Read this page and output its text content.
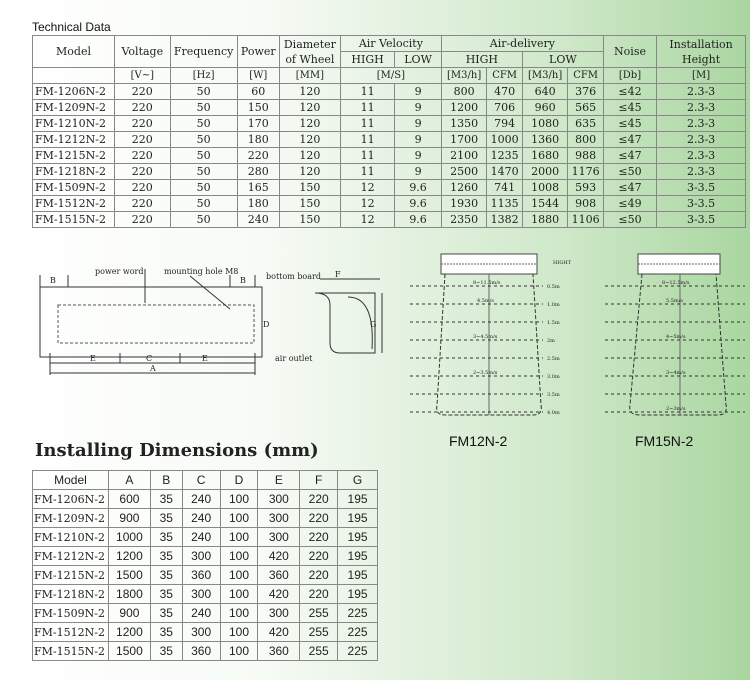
Technical Data
Model	Voltage	Frequency	Power	Diameter of Wheel	Air Velocity		Air-delivery				Noise	Installation Height
					HIGH	LOW	HIGH		LOW			
	[V~]	[Hz]	[W]	[MM]	[M/S]		[M3/h]	CFM	[M3/h]	CFM	[Db]	[M]
FM-1206N-2	220	50	60	120	11	9	800	470	640	376	≤42	2.3-3
FM-1209N-2	220	50	150	120	11	9	1200	706	960	565	≤45	2.3-3
FM-1210N-2	220	50	170	120	11	9	1350	794	1080	635	≤45	2.3-3
FM-1212N-2	220	50	180	120	11	9	1700	1000	1360	800	≤47	2.3-3
FM-1215N-2	220	50	220	120	11	9	2100	1235	1680	988	≤47	2.3-3
FM-1218N-2	220	50	280	120	11	9	2500	1470	2000	1176	≤50	2.3-3
FM-1509N-2	220	50	165	150	12	9.6	1260	741	1008	593	≤47	3-3.5
FM-1512N-2	220	50	180	150	12	9.6	1930	1135	1544	908	≤49	3-3.5
FM-1515N-2	220	50	240	150	12	9.6	2350	1382	1880	1106	≤50	3-3.5
B	B
power word	mounting hole M8
E	C	E
A
D
bottom board F
G
air outlet
HIGHT
8~11.5m/s
4.5m/s
3~4.5m/s
2~3.5m/s
0.5m
1.0m
1.5m
2m
2.5m
3.0m
3.5m
4.0m
FM12N-2
8~12.5m/s
5.5m/s
4~5m/s
3~4m/s
2~3m/s
FM15N-2
Installing Dimensions (mm)
Model	A	B	C	D	E	F	G
FM-1206N-2	600	35	240	100	300	220	195
FM-1209N-2	900	35	240	100	300	220	195
FM-1210N-2	1000	35	240	100	300	220	195
FM-1212N-2	1200	35	300	100	420	220	195
FM-1215N-2	1500	35	360	100	360	220	195
FM-1218N-2	1800	35	300	100	420	220	195
FM-1509N-2	900	35	240	100	300	255	225
FM-1512N-2	1200	35	300	100	420	255	225
FM-1515N-2	1500	35	360	100	360	255	225
